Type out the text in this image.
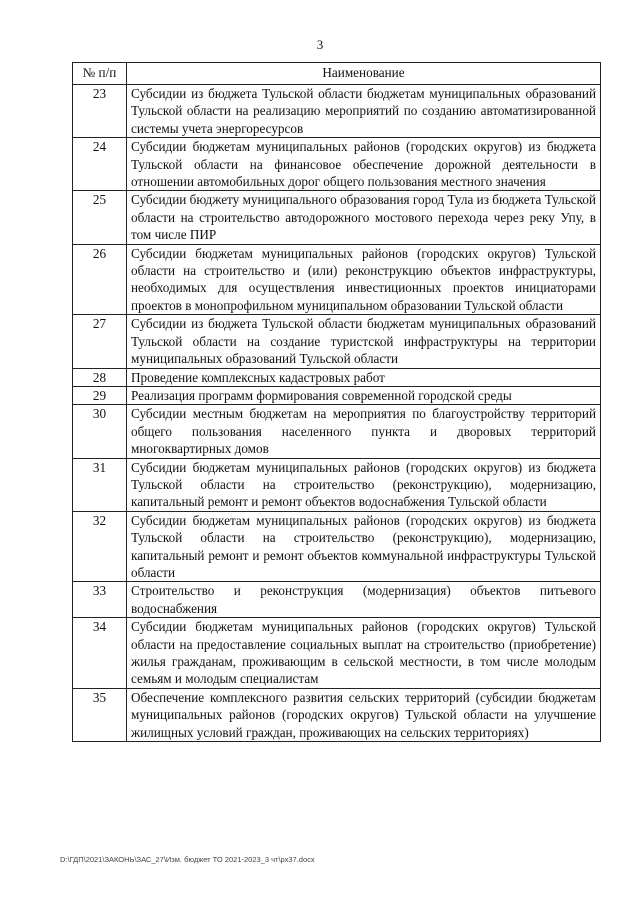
3
№ п/п	Наименование
23	Субсидии из бюджета Тульской области бюджетам муниципальных образований Тульской области на реализацию мероприятий по созданию автоматизированной системы учета энергоресурсов
24	Субсидии бюджетам муниципальных районов (городских округов) из бюджета Тульской области на финансовое обеспечение дорожной деятельности в отношении автомобильных дорог общего пользования местного значения
25	Субсидии бюджету муниципального образования город Тула из бюджета Тульской области на строительство автодорожного мостового перехода через реку Упу, в том числе ПИР
26	Субсидии бюджетам муниципальных районов (городских округов) Тульской области на строительство и (или) реконструкцию объектов инфраструктуры, необходимых для осуществления инвестиционных проектов инициаторами проектов в монопрофильном муниципальном образовании Тульской области
27	Субсидии из бюджета Тульской области бюджетам муниципальных образований Тульской области на создание туристской инфраструктуры на территории муниципальных образований Тульской области
28	Проведение комплексных кадастровых работ
29	Реализация программ формирования современной городской среды
30	Субсидии местным бюджетам на мероприятия по благоустройству территорий общего пользования населенного пункта и дворовых территорий многоквартирных домов
31	Субсидии бюджетам муниципальных районов (городских округов) из бюджета Тульской области на строительство (реконструкцию), модернизацию, капитальный ремонт и ремонт объектов водоснабжения Тульской области
32	Субсидии бюджетам муниципальных районов (городских округов) из бюджета Тульской области на строительство (реконструкцию), модернизацию, капитальный ремонт и ремонт объектов коммунальной инфраструктуры Тульской области
33	Строительство и реконструкция (модернизация) объектов питьевого водоснабжения
34	Субсидии бюджетам муниципальных районов (городских округов) Тульской области на предоставление социальных выплат на строительство (приобретение) жилья гражданам, проживающим в сельской местности, в том числе молодым семьям и молодым специалистам
35	Обеспечение комплексного развития сельских территорий (субсидии бюджетам муниципальных районов (городских округов) Тульской области на улучшение жилищных условий граждан, проживающих на сельских территориях)
D:\ГДП\2021\ЗАКОНЬ\ЗАС_27\Изм. бюджет ТО 2021-2023_3 чт\рх37.docx
